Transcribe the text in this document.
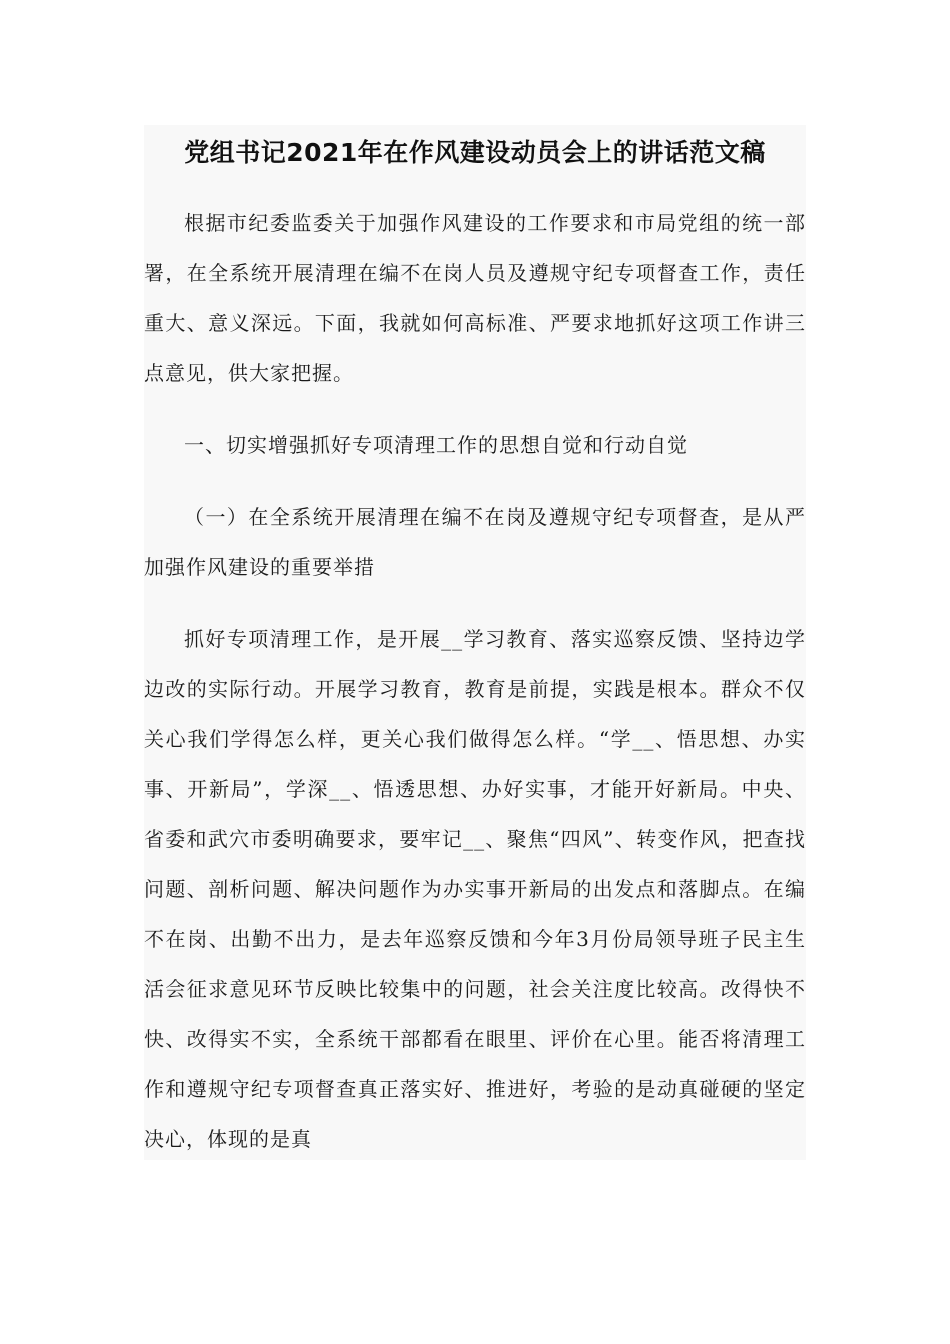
党组书记2021年在作风建设动员会上的讲话范文稿

根据市纪委监委关于加强作风建设的工作要求和市局党组的统一部署，在全系统开展清理在编不在岗人员及遵规守纪专项督查工作，责任重大、意义深远。下面，我就如何高标准、严要求地抓好这项工作讲三点意见，供大家把握。

一、切实增强抓好专项清理工作的思想自觉和行动自觉

（一）在全系统开展清理在编不在岗及遵规守纪专项督查，是从严加强作风建设的重要举措

抓好专项清理工作，是开展__学习教育、落实巡察反馈、坚持边学边改的实际行动。开展学习教育，教育是前提，实践是根本。群众不仅关心我们学得怎么样，更关心我们做得怎么样。“学__、悟思想、办实事、开新局”，学深__、悟透思想、办好实事，才能开好新局。中央、省委和武穴市委明确要求，要牢记__、聚焦“四风”、转变作风，把查找问题、剖析问题、解决问题作为办实事开新局的出发点和落脚点。在编不在岗、出勤不出力，是去年巡察反馈和今年3月份局领导班子民主生活会征求意见环节反映比较集中的问题，社会关注度比较高。改得快不快、改得实不实，全系统干部都看在眼里、评价在心里。能否将清理工作和遵规守纪专项督查真正落实好、推进好，考验的是动真碰硬的坚定决心，体现的是真
